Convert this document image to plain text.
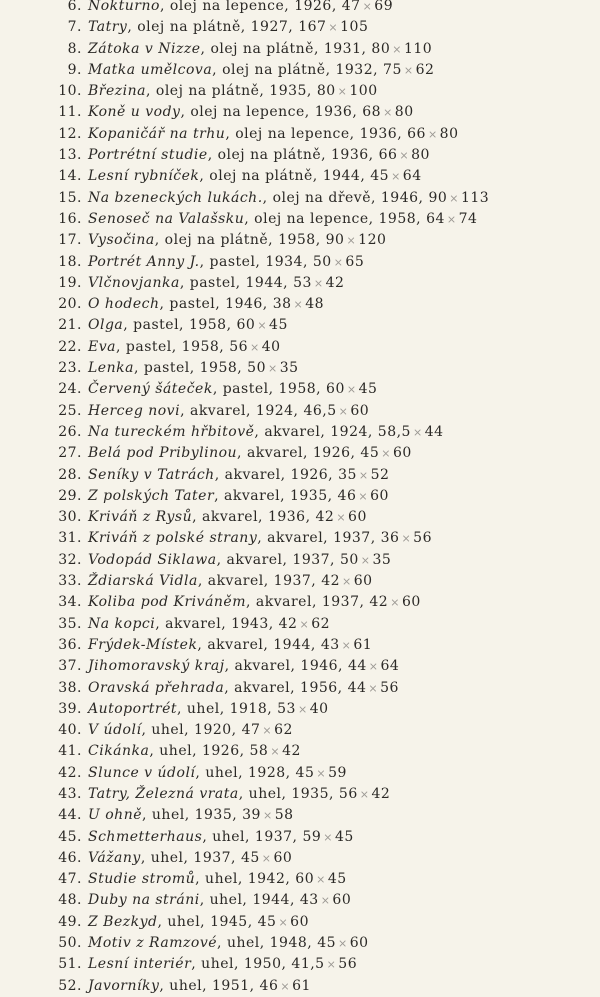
6. Nokturno, olej na lepence, 1926, 47 × 69
7. Tatry, olej na plátně, 1927, 167 × 105
8. Zátoka v Nizze, olej na plátně, 1931, 80 × 110
9. Matka umělcova, olej na plátně, 1932, 75 × 62
10. Březina, olej na plátně, 1935, 80 × 100
11. Koně u vody, olej na lepence, 1936, 68 × 80
12. Kopaničář na trhu, olej na lepence, 1936, 66 × 80
13. Portrétní studie, olej na plátně, 1936, 66 × 80
14. Lesní rybníček, olej na plátně, 1944, 45 × 64
15. Na bzeneckých lukách., olej na dřevě, 1946, 90 × 113
16. Senoseč na Valašsku, olej na lepence, 1958, 64 × 74
17. Vysočina, olej na plátně, 1958, 90 × 120
18. Portrét Anny J., pastel, 1934, 50 × 65
19. Vlčnovjanka, pastel, 1944, 53 × 42
20. O hodech, pastel, 1946, 38 × 48
21. Olga, pastel, 1958, 60 × 45
22. Eva, pastel, 1958, 56 × 40
23. Lenka, pastel, 1958, 50 × 35
24. Červený šáteček, pastel, 1958, 60 × 45
25. Herceg novi, akvarel, 1924, 46,5 × 60
26. Na tureckém hřbitově, akvarel, 1924, 58,5 × 44
27. Belá pod Pribylinou, akvarel, 1926, 45 × 60
28. Seníky v Tatrách, akvarel, 1926, 35 × 52
29. Z polských Tater, akvarel, 1935, 46 × 60
30. Kriváň z Rysů, akvarel, 1936, 42 × 60
31. Kriváň z polské strany, akvarel, 1937, 36 × 56
32. Vodopád Siklawa, akvarel, 1937, 50 × 35
33. Ždiarská Vidla, akvarel, 1937, 42 × 60
34. Koliba pod Kriváněm, akvarel, 1937, 42 × 60
35. Na kopci, akvarel, 1943, 42 × 62
36. Frýdek-Místek, akvarel, 1944, 43 × 61
37. Jihomoravský kraj, akvarel, 1946, 44 × 64
38. Oravská přehrada, akvarel, 1956, 44 × 56
39. Autoportrét, uhel, 1918, 53 × 40
40. V údolí, uhel, 1920, 47 × 62
41. Cikánka, uhel, 1926, 58 × 42
42. Slunce v údolí, uhel, 1928, 45 × 59
43. Tatry, Železná vrata, uhel, 1935, 56 × 42
44. U ohně, uhel, 1935, 39 × 58
45. Schmetterhaus, uhel, 1937, 59 × 45
46. Vážany, uhel, 1937, 45 × 60
47. Studie stromů, uhel, 1942, 60 × 45
48. Duby na stráni, uhel, 1944, 43 × 60
49. Z Bezkyd, uhel, 1945, 45 × 60
50. Motiv z Ramzové, uhel, 1948, 45 × 60
51. Lesní interiér, uhel, 1950, 41,5 × 56
52. Javorníky, uhel, 1951, 46 × 61
